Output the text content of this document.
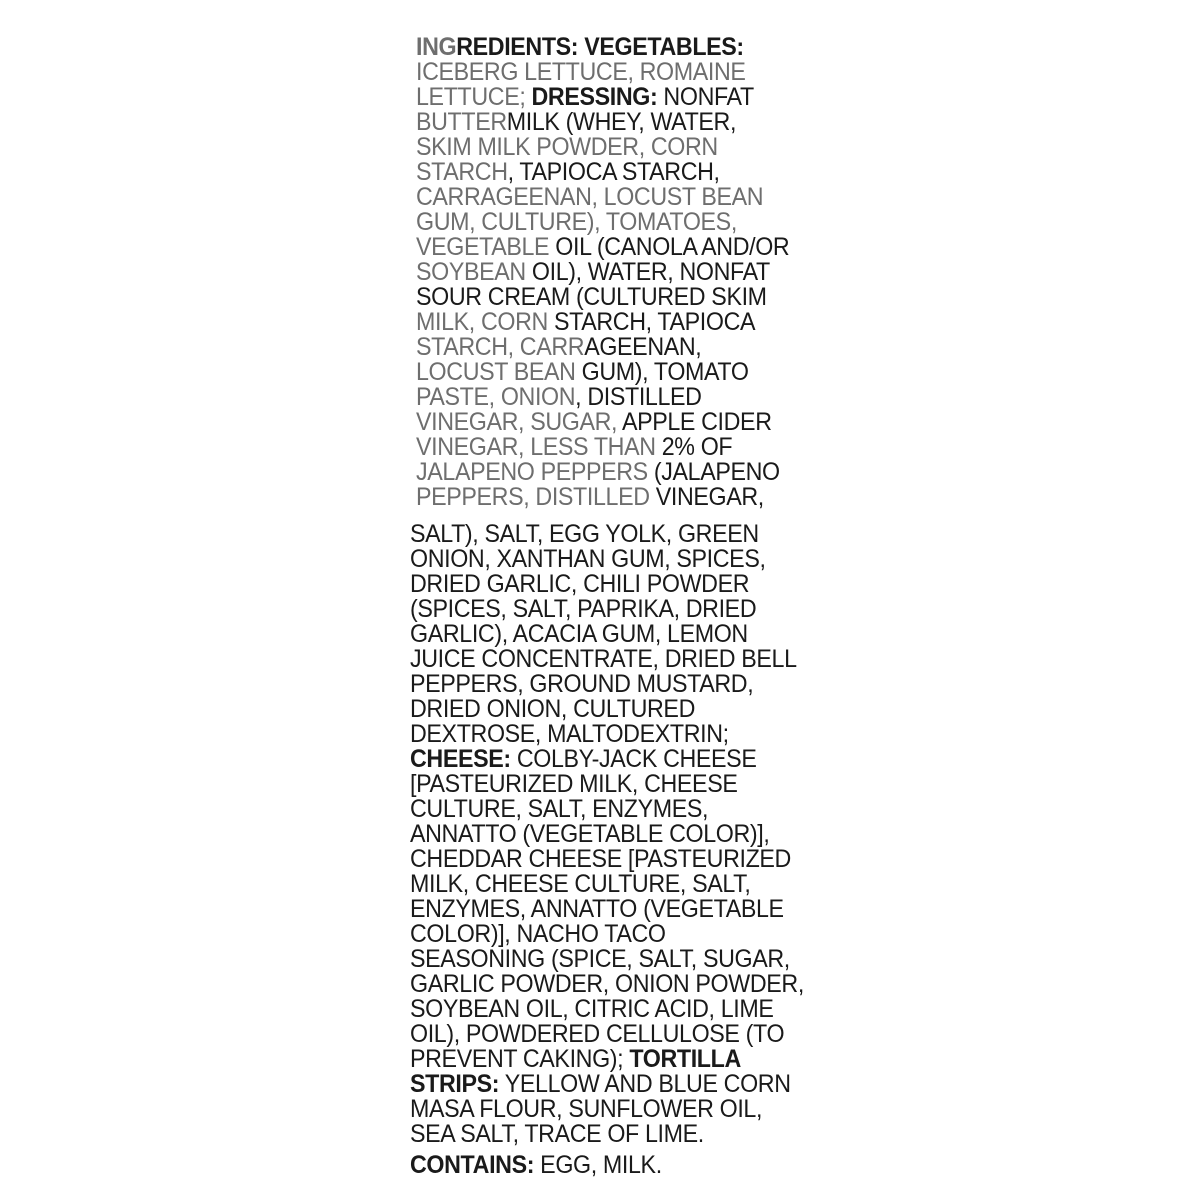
INGREDIENTS: VEGETABLES:
ICEBERG LETTUCE, ROMAINE
LETTUCE; DRESSING: NONFAT
BUTTERMILK (WHEY, WATER,
SKIM MILK POWDER, CORN
STARCH, TAPIOCA STARCH,
CARRAGEENAN, LOCUST BEAN
GUM, CULTURE), TOMATOES,
VEGETABLE OIL (CANOLA AND/OR
SOYBEAN OIL), WATER, NONFAT
SOUR CREAM (CULTURED SKIM
MILK, CORN STARCH, TAPIOCA
STARCH, CARRAGEENAN,
LOCUST BEAN GUM), TOMATO
PASTE, ONION, DISTILLED
VINEGAR, SUGAR, APPLE CIDER
VINEGAR, LESS THAN 2% OF
JALAPENO PEPPERS (JALAPENO
PEPPERS, DISTILLED VINEGAR,
SALT), SALT, EGG YOLK, GREEN
ONION, XANTHAN GUM, SPICES,
DRIED GARLIC, CHILI POWDER
(SPICES, SALT, PAPRIKA, DRIED
GARLIC), ACACIA GUM, LEMON
JUICE CONCENTRATE, DRIED BELL
PEPPERS, GROUND MUSTARD,
DRIED ONION, CULTURED
DEXTROSE, MALTODEXTRIN;
CHEESE: COLBY-JACK CHEESE
[PASTEURIZED MILK, CHEESE
CULTURE, SALT, ENZYMES,
ANNATTO (VEGETABLE COLOR)],
CHEDDAR CHEESE [PASTEURIZED
MILK, CHEESE CULTURE, SALT,
ENZYMES, ANNATTO (VEGETABLE
COLOR)], NACHO TACO
SEASONING (SPICE, SALT, SUGAR,
GARLIC POWDER, ONION POWDER,
SOYBEAN OIL, CITRIC ACID, LIME
OIL), POWDERED CELLULOSE (TO
PREVENT CAKING); TORTILLA
STRIPS: YELLOW AND BLUE CORN
MASA FLOUR, SUNFLOWER OIL,
SEA SALT, TRACE OF LIME.
CONTAINS: EGG, MILK.
